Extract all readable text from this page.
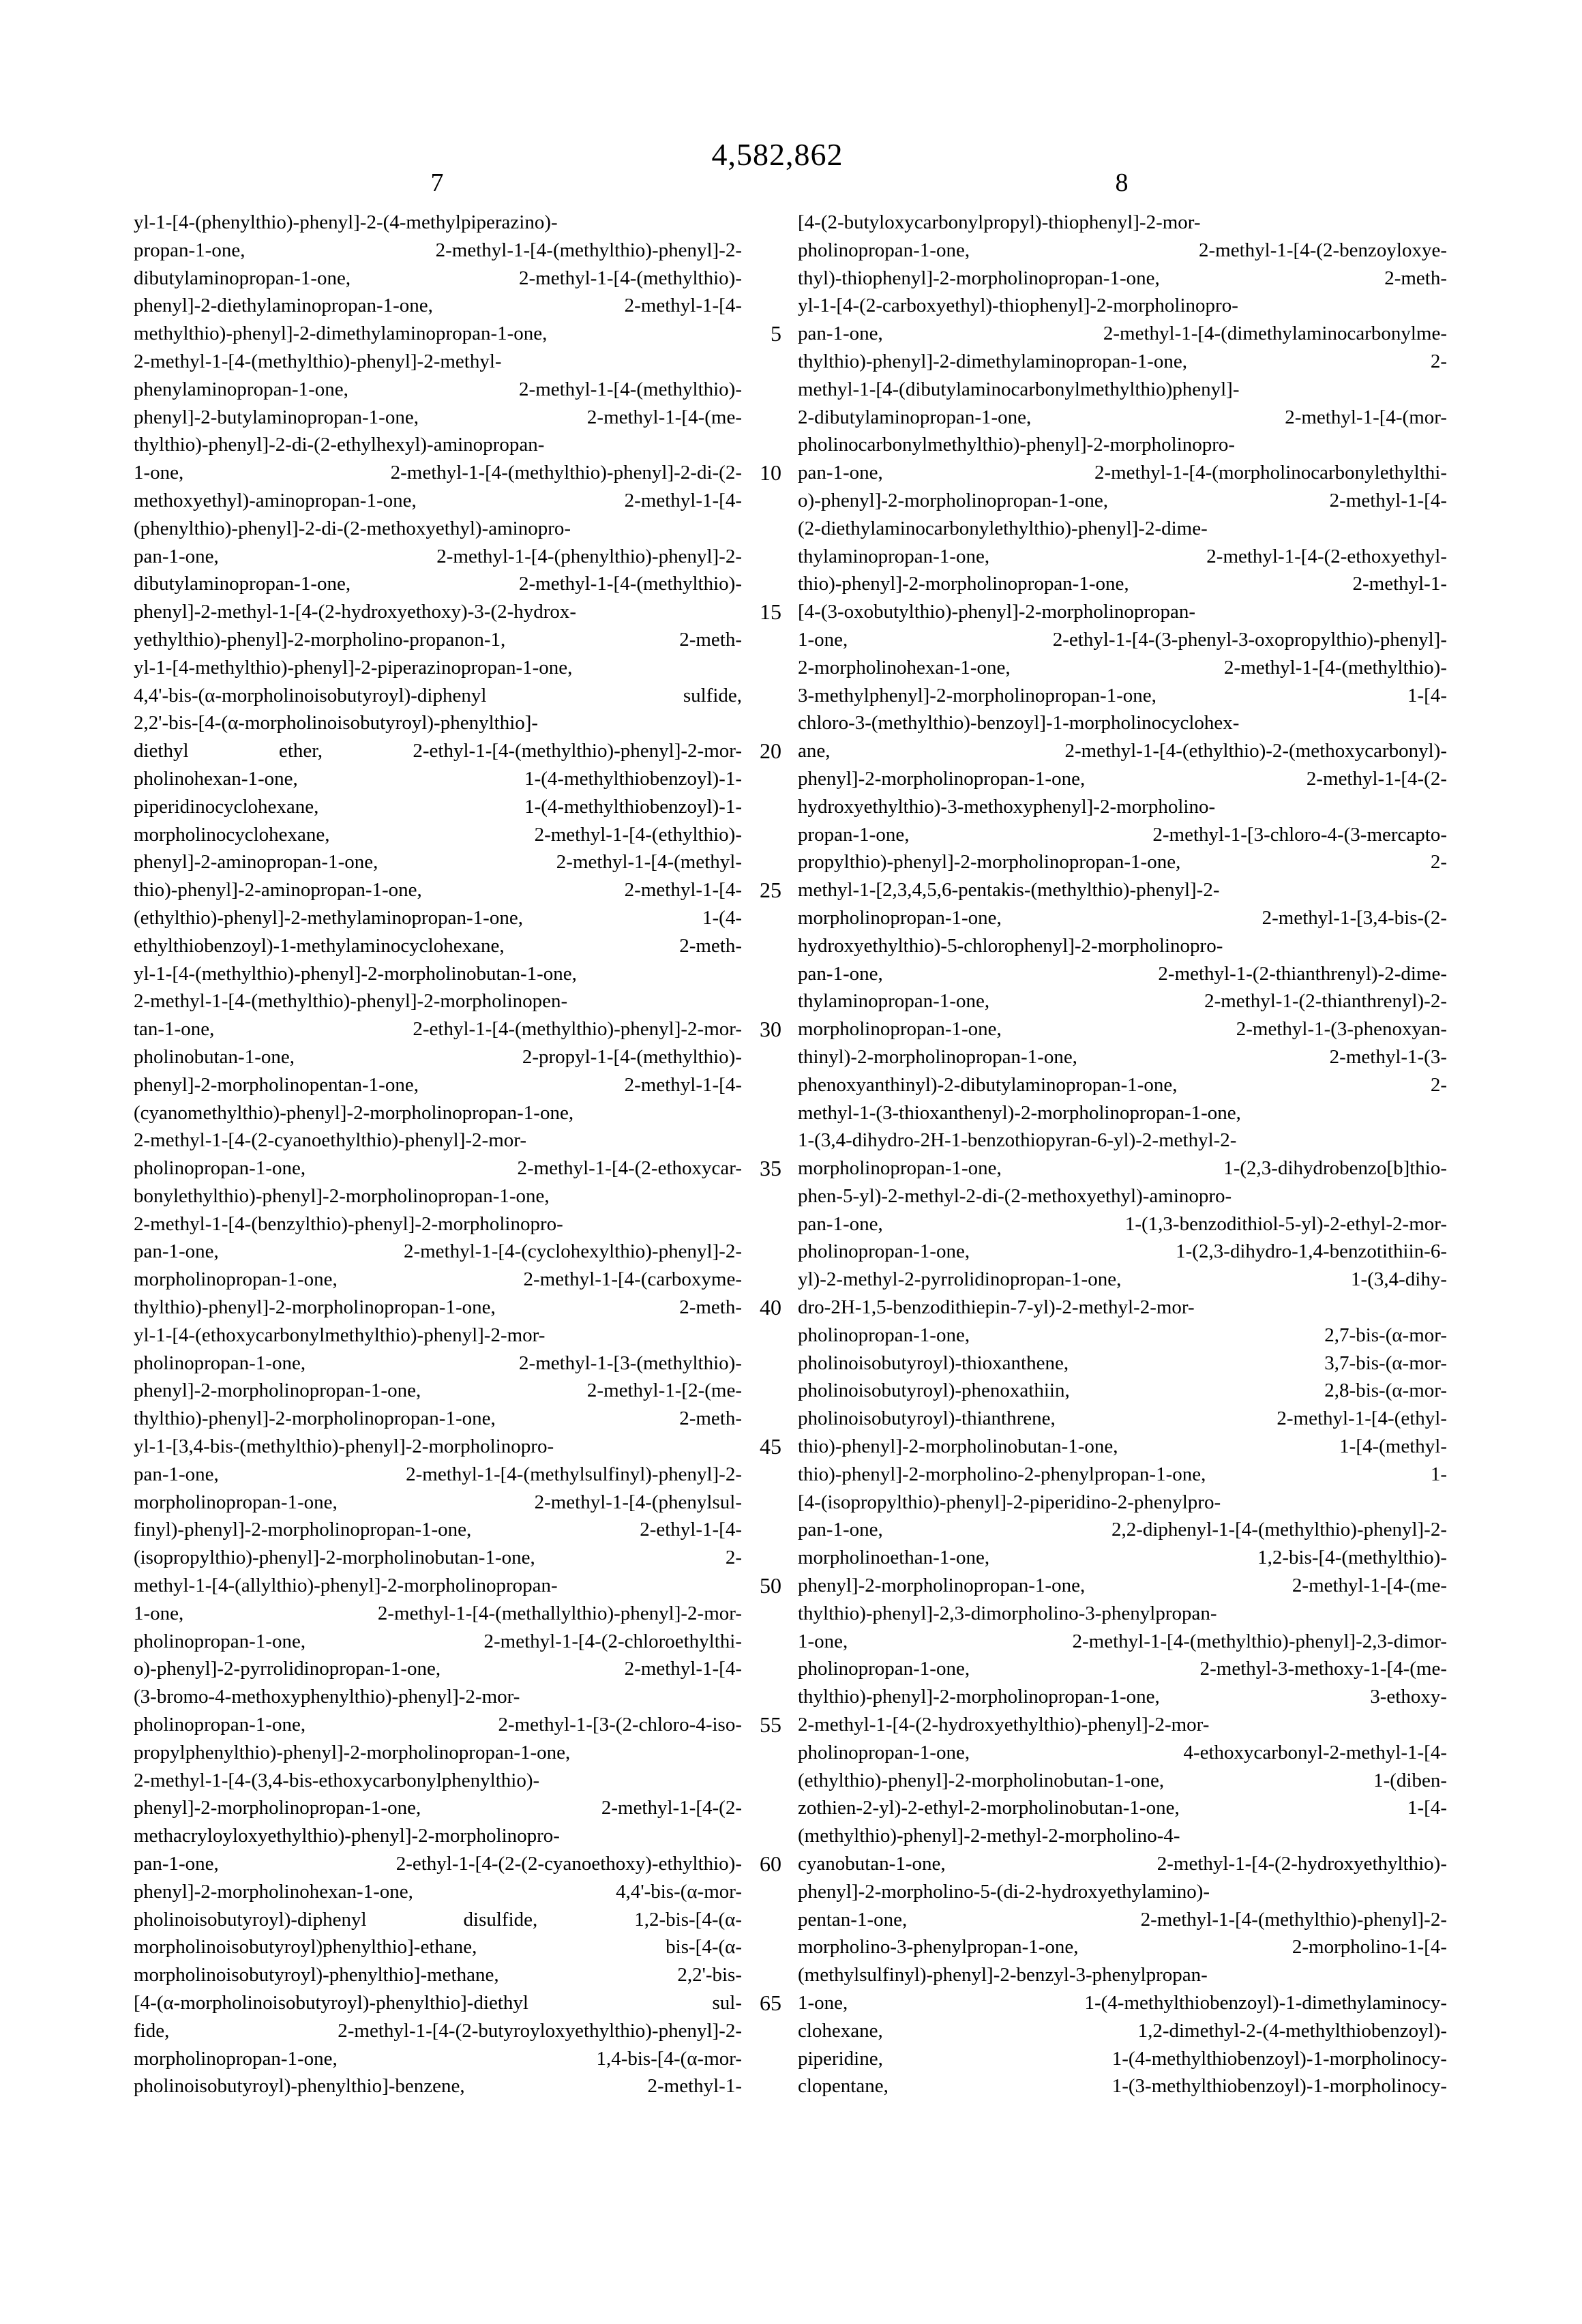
4,582,862
7	8
yl-1-[4-(phenylthio)-phenyl]-2-(4-methylpiperazino)-
propan-1-one, 2-methyl-1-[4-(methylthio)-phenyl]-2-
dibutylaminopropan-1-one, 2-methyl-1-[4-(methylthio)-
phenyl]-2-diethylaminopropan-1-one, 2-methyl-1-[4-
methylthio)-phenyl]-2-dimethylaminopropan-1-one,
2-methyl-1-[4-(methylthio)-phenyl]-2-methyl-
phenylaminopropan-1-one, 2-methyl-1-[4-(methylthio)-
phenyl]-2-butylaminopropan-1-one, 2-methyl-1-[4-(me-
thylthio)-phenyl]-2-di-(2-ethylhexyl)-aminopropan-
1-one, 2-methyl-1-[4-(methylthio)-phenyl]-2-di-(2-
methoxyethyl)-aminopropan-1-one, 2-methyl-1-[4-
(phenylthio)-phenyl]-2-di-(2-methoxyethyl)-aminopro-
pan-1-one, 2-methyl-1-[4-(phenylthio)-phenyl]-2-
dibutylaminopropan-1-one, 2-methyl-1-[4-(methylthio)-
phenyl]-2-methyl-1-[4-(2-hydroxyethoxy)-3-(2-hydrox-
yethylthio)-phenyl]-2-morpholino-propanon-1, 2-meth-
yl-1-[4-methylthio)-phenyl]-2-piperazinopropan-1-one,
4,4'-bis-(α-morpholinoisobutyroyl)-diphenyl sulfide,
2,2'-bis-[4-(α-morpholinoisobutyroyl)-phenylthio]-
diethyl ether, 2-ethyl-1-[4-(methylthio)-phenyl]-2-mor-
pholinohexan-1-one, 1-(4-methylthiobenzoyl)-1-
piperidinocyclohexane, 1-(4-methylthiobenzoyl)-1-
morpholinocyclohexane, 2-methyl-1-[4-(ethylthio)-
phenyl]-2-aminopropan-1-one, 2-methyl-1-[4-(methyl-
thio)-phenyl]-2-aminopropan-1-one, 2-methyl-1-[4-
(ethylthio)-phenyl]-2-methylaminopropan-1-one, 1-(4-
ethylthiobenzoyl)-1-methylaminocyclohexane, 2-meth-
yl-1-[4-(methylthio)-phenyl]-2-morpholinobutan-1-one,
2-methyl-1-[4-(methylthio)-phenyl]-2-morpholinopen-
tan-1-one, 2-ethyl-1-[4-(methylthio)-phenyl]-2-mor-
pholinobutan-1-one, 2-propyl-1-[4-(methylthio)-
phenyl]-2-morpholinopentan-1-one, 2-methyl-1-[4-
(cyanomethylthio)-phenyl]-2-morpholinopropan-1-one,
2-methyl-1-[4-(2-cyanoethylthio)-phenyl]-2-mor-
pholinopropan-1-one, 2-methyl-1-[4-(2-ethoxycar-
bonylethylthio)-phenyl]-2-morpholinopropan-1-one,
2-methyl-1-[4-(benzylthio)-phenyl]-2-morpholinopro-
pan-1-one, 2-methyl-1-[4-(cyclohexylthio)-phenyl]-2-
morpholinopropan-1-one, 2-methyl-1-[4-(carboxyme-
thylthio)-phenyl]-2-morpholinopropan-1-one, 2-meth-
yl-1-[4-(ethoxycarbonylmethylthio)-phenyl]-2-mor-
pholinopropan-1-one, 2-methyl-1-[3-(methylthio)-
phenyl]-2-morpholinopropan-1-one, 2-methyl-1-[2-(me-
thylthio)-phenyl]-2-morpholinopropan-1-one, 2-meth-
yl-1-[3,4-bis-(methylthio)-phenyl]-2-morpholinopro-
pan-1-one, 2-methyl-1-[4-(methylsulfinyl)-phenyl]-2-
morpholinopropan-1-one, 2-methyl-1-[4-(phenylsul-
finyl)-phenyl]-2-morpholinopropan-1-one, 2-ethyl-1-[4-
(isopropylthio)-phenyl]-2-morpholinobutan-1-one, 2-
methyl-1-[4-(allylthio)-phenyl]-2-morpholinopropan-
1-one, 2-methyl-1-[4-(methallylthio)-phenyl]-2-mor-
pholinopropan-1-one, 2-methyl-1-[4-(2-chloroethylthi-
o)-phenyl]-2-pyrrolidinopropan-1-one, 2-methyl-1-[4-
(3-bromo-4-methoxyphenylthio)-phenyl]-2-mor-
pholinopropan-1-one, 2-methyl-1-[3-(2-chloro-4-iso-
propylphenylthio)-phenyl]-2-morpholinopropan-1-one,
2-methyl-1-[4-(3,4-bis-ethoxycarbonylphenylthio)-
phenyl]-2-morpholinopropan-1-one, 2-methyl-1-[4-(2-
methacryloyloxyethylthio)-phenyl]-2-morpholinopro-
pan-1-one, 2-ethyl-1-[4-(2-(2-cyanoethoxy)-ethylthio)-
phenyl]-2-morpholinohexan-1-one, 4,4'-bis-(α-mor-
pholinoisobutyroyl)-diphenyl disulfide, 1,2-bis-[4-(α-
morpholinoisobutyroyl)phenylthio]-ethane, bis-[4-(α-
morpholinoisobutyroyl)-phenylthio]-methane, 2,2'-bis-
[4-(α-morpholinoisobutyroyl)-phenylthio]-diethyl sul-
fide, 2-methyl-1-[4-(2-butyroyloxyethylthio)-phenyl]-2-
morpholinopropan-1-one, 1,4-bis-[4-(α-mor-
pholinoisobutyroyl)-phenylthio]-benzene, 2-methyl-1-
5
10
15
20
25
30
35
40
45
50
55
60
65
[4-(2-butyloxycarbonylpropyl)-thiophenyl]-2-mor-
pholinopropan-1-one, 2-methyl-1-[4-(2-benzoyloxye-
thyl)-thiophenyl]-2-morpholinopropan-1-one, 2-meth-
yl-1-[4-(2-carboxyethyl)-thiophenyl]-2-morpholinopro-
pan-1-one, 2-methyl-1-[4-(dimethylaminocarbonylme-
thylthio)-phenyl]-2-dimethylaminopropan-1-one, 2-
methyl-1-[4-(dibutylaminocarbonylmethylthio)phenyl]-
2-dibutylaminopropan-1-one, 2-methyl-1-[4-(mor-
pholinocarbonylmethylthio)-phenyl]-2-morpholinopro-
pan-1-one, 2-methyl-1-[4-(morpholinocarbonylethylthi-
o)-phenyl]-2-morpholinopropan-1-one, 2-methyl-1-[4-
(2-diethylaminocarbonylethylthio)-phenyl]-2-dime-
thylaminopropan-1-one, 2-methyl-1-[4-(2-ethoxyethyl-
thio)-phenyl]-2-morpholinopropan-1-one, 2-methyl-1-
[4-(3-oxobutylthio)-phenyl]-2-morpholinopropan-
1-one, 2-ethyl-1-[4-(3-phenyl-3-oxopropylthio)-phenyl]-
2-morpholinohexan-1-one, 2-methyl-1-[4-(methylthio)-
3-methylphenyl]-2-morpholinopropan-1-one, 1-[4-
chloro-3-(methylthio)-benzoyl]-1-morpholinocyclohex-
ane, 2-methyl-1-[4-(ethylthio)-2-(methoxycarbonyl)-
phenyl]-2-morpholinopropan-1-one, 2-methyl-1-[4-(2-
hydroxyethylthio)-3-methoxyphenyl]-2-morpholino-
propan-1-one, 2-methyl-1-[3-chloro-4-(3-mercapto-
propylthio)-phenyl]-2-morpholinopropan-1-one, 2-
methyl-1-[2,3,4,5,6-pentakis-(methylthio)-phenyl]-2-
morpholinopropan-1-one, 2-methyl-1-[3,4-bis-(2-
hydroxyethylthio)-5-chlorophenyl]-2-morpholinopro-
pan-1-one, 2-methyl-1-(2-thianthrenyl)-2-dime-
thylaminopropan-1-one, 2-methyl-1-(2-thianthrenyl)-2-
morpholinopropan-1-one, 2-methyl-1-(3-phenoxyan-
thinyl)-2-morpholinopropan-1-one, 2-methyl-1-(3-
phenoxyanthinyl)-2-dibutylaminopropan-1-one, 2-
methyl-1-(3-thioxanthenyl)-2-morpholinopropan-1-one,
1-(3,4-dihydro-2H-1-benzothiopyran-6-yl)-2-methyl-2-
morpholinopropan-1-one, 1-(2,3-dihydrobenzo[b]thio-
phen-5-yl)-2-methyl-2-di-(2-methoxyethyl)-aminopro-
pan-1-one, 1-(1,3-benzodithiol-5-yl)-2-ethyl-2-mor-
pholinopropan-1-one, 1-(2,3-dihydro-1,4-benzotithiin-6-
yl)-2-methyl-2-pyrrolidinopropan-1-one, 1-(3,4-dihy-
dro-2H-1,5-benzodithiepin-7-yl)-2-methyl-2-mor-
pholinopropan-1-one, 2,7-bis-(α-mor-
pholinoisobutyroyl)-thioxanthene, 3,7-bis-(α-mor-
pholinoisobutyroyl)-phenoxathiin, 2,8-bis-(α-mor-
pholinoisobutyroyl)-thianthrene, 2-methyl-1-[4-(ethyl-
thio)-phenyl]-2-morpholinobutan-1-one, 1-[4-(methyl-
thio)-phenyl]-2-morpholino-2-phenylpropan-1-one, 1-
[4-(isopropylthio)-phenyl]-2-piperidino-2-phenylpro-
pan-1-one, 2,2-diphenyl-1-[4-(methylthio)-phenyl]-2-
morpholinoethan-1-one, 1,2-bis-[4-(methylthio)-
phenyl]-2-morpholinopropan-1-one, 2-methyl-1-[4-(me-
thylthio)-phenyl]-2,3-dimorpholino-3-phenylpropan-
1-one, 2-methyl-1-[4-(methylthio)-phenyl]-2,3-dimor-
pholinopropan-1-one, 2-methyl-3-methoxy-1-[4-(me-
thylthio)-phenyl]-2-morpholinopropan-1-one, 3-ethoxy-
2-methyl-1-[4-(2-hydroxyethylthio)-phenyl]-2-mor-
pholinopropan-1-one, 4-ethoxycarbonyl-2-methyl-1-[4-
(ethylthio)-phenyl]-2-morpholinobutan-1-one, 1-(diben-
zothien-2-yl)-2-ethyl-2-morpholinobutan-1-one, 1-[4-
(methylthio)-phenyl]-2-methyl-2-morpholino-4-
cyanobutan-1-one, 2-methyl-1-[4-(2-hydroxyethylthio)-
phenyl]-2-morpholino-5-(di-2-hydroxyethylamino)-
pentan-1-one, 2-methyl-1-[4-(methylthio)-phenyl]-2-
morpholino-3-phenylpropan-1-one, 2-morpholino-1-[4-
(methylsulfinyl)-phenyl]-2-benzyl-3-phenylpropan-
1-one, 1-(4-methylthiobenzoyl)-1-dimethylaminocy-
clohexane, 1,2-dimethyl-2-(4-methylthiobenzoyl)-
piperidine, 1-(4-methylthiobenzoyl)-1-morpholinocy-
clopentane, 1-(3-methylthiobenzoyl)-1-morpholinocy-
